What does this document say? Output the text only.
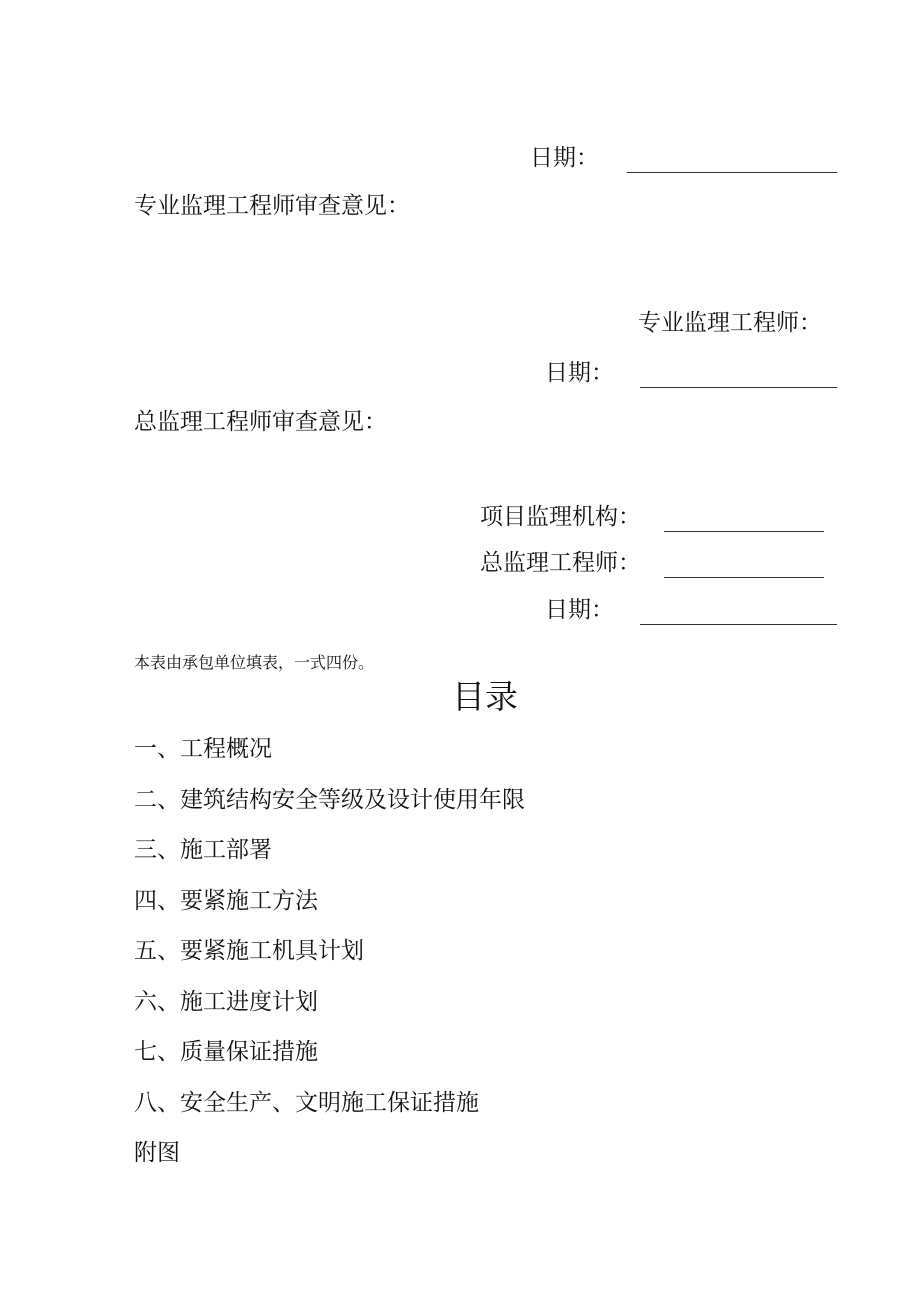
日期：
专业监理工程师审查意见：
专业监理工程师：
日期：
总监理工程师审查意见：
项目监理机构：
总监理工程师：
日期：
本表由承包单位填表，一式四份。
目录
一、工程概况
二、建筑结构安全等级及设计使用年限
三、施工部署
四、要紧施工方法
五、要紧施工机具计划
六、施工进度计划
七、质量保证措施
八、安全生产、文明施工保证措施
附图
